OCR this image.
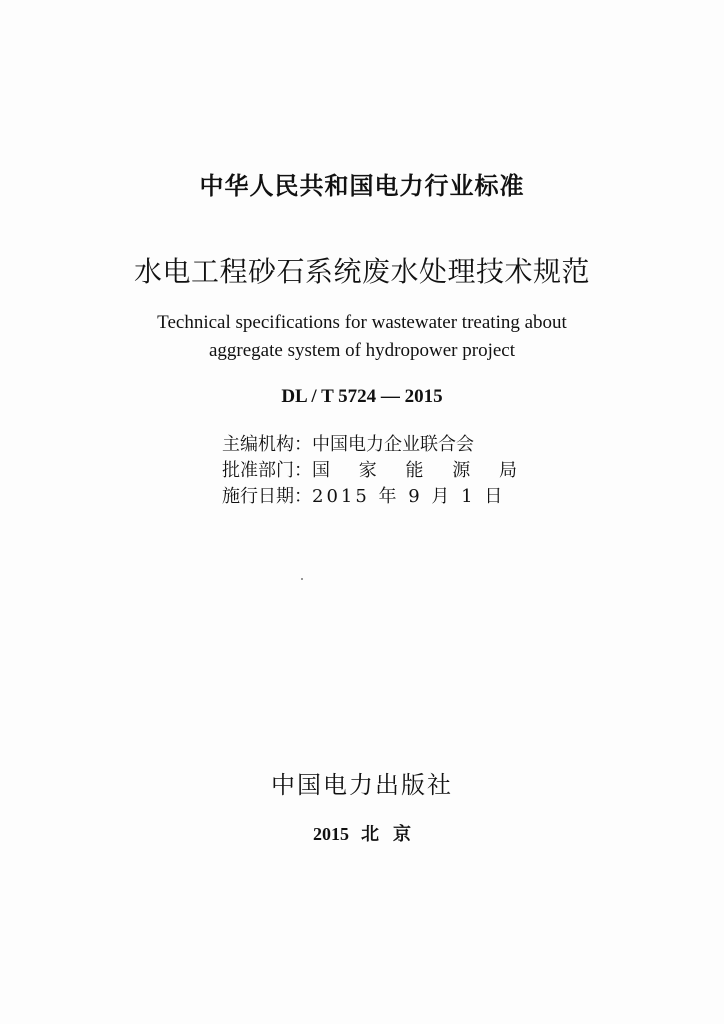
中华人民共和国电力行业标准
水电工程砂石系统废水处理技术规范
Technical specifications for wastewater treating about
aggregate system of hydropower project
DL / T 5724 — 2015
主编机构： 中国电力企业联合会
批准部门： 国 家 能 源 局
施行日期： 2015 年 9 月 1 日
中国电力出版社
2015 北 京
